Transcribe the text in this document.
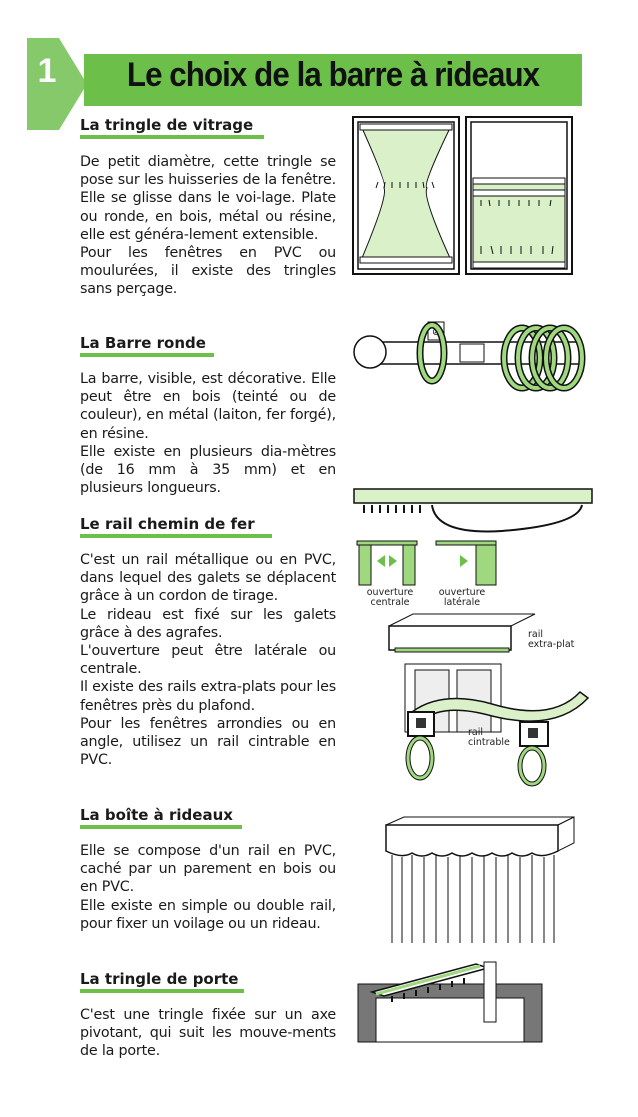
1	Le choix de la barre à rideaux
La tringle de vitrage
De petit diamètre, cette tringle se pose sur les huisseries de la fenêtre. Elle se glisse dans le voi-lage. Plate ou ronde, en bois, métal ou résine, elle est généra-lement extensible.
Pour les fenêtres en PVC ou moulurées, il existe des tringles sans perçage.
La Barre ronde
La barre, visible, est décorative. Elle peut être en bois (teinté ou de couleur), en métal (laiton, fer forgé), en résine.
Elle existe en plusieurs dia-mètres (de 16 mm à 35 mm) et en plusieurs longueurs.
Le rail chemin de fer
C'est un rail métallique ou en PVC, dans lequel des galets se déplacent grâce à un cordon de tirage.
Le rideau est fixé sur les galets grâce à des agrafes.
L'ouverture peut être latérale ou centrale.
Il existe des rails extra-plats pour les fenêtres près du plafond.
Pour les fenêtres arrondies ou en angle, utilisez un rail cintrable en PVC.
La boîte à rideaux
Elle se compose d'un rail en PVC, caché par un parement en bois ou en PVC.
Elle existe en simple ou double rail, pour fixer un voilage ou un rideau.
La tringle de porte
C'est une tringle fixée sur un axe pivotant, qui suit les mouve-ments de la porte.
⊘
ouverture
centrale
ouverture
latérale
rail
extra-plat
rail
cintrable
